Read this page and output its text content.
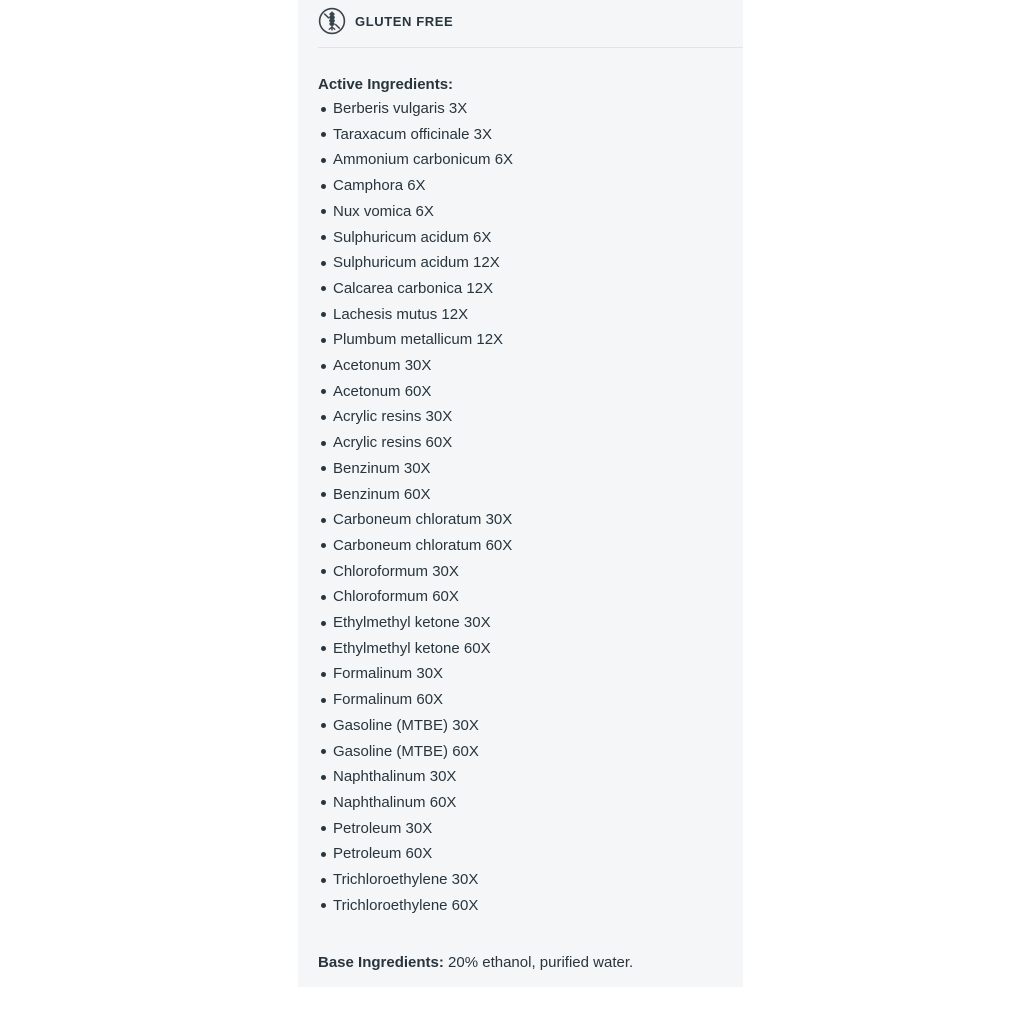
GLUTEN FREE
Active Ingredients:
Berberis vulgaris 3X
Taraxacum officinale 3X
Ammonium carbonicum 6X
Camphora 6X
Nux vomica 6X
Sulphuricum acidum 6X
Sulphuricum acidum 12X
Calcarea carbonica 12X
Lachesis mutus 12X
Plumbum metallicum 12X
Acetonum 30X
Acetonum 60X
Acrylic resins 30X
Acrylic resins 60X
Benzinum 30X
Benzinum 60X
Carboneum chloratum 30X
Carboneum chloratum 60X
Chloroformum 30X
Chloroformum 60X
Ethylmethyl ketone 30X
Ethylmethyl ketone 60X
Formalinum 30X
Formalinum 60X
Gasoline (MTBE) 30X
Gasoline (MTBE) 60X
Naphthalinum 30X
Naphthalinum 60X
Petroleum 30X
Petroleum 60X
Trichloroethylene 30X
Trichloroethylene 60X

Base Ingredients: 20% ethanol, purified water.
